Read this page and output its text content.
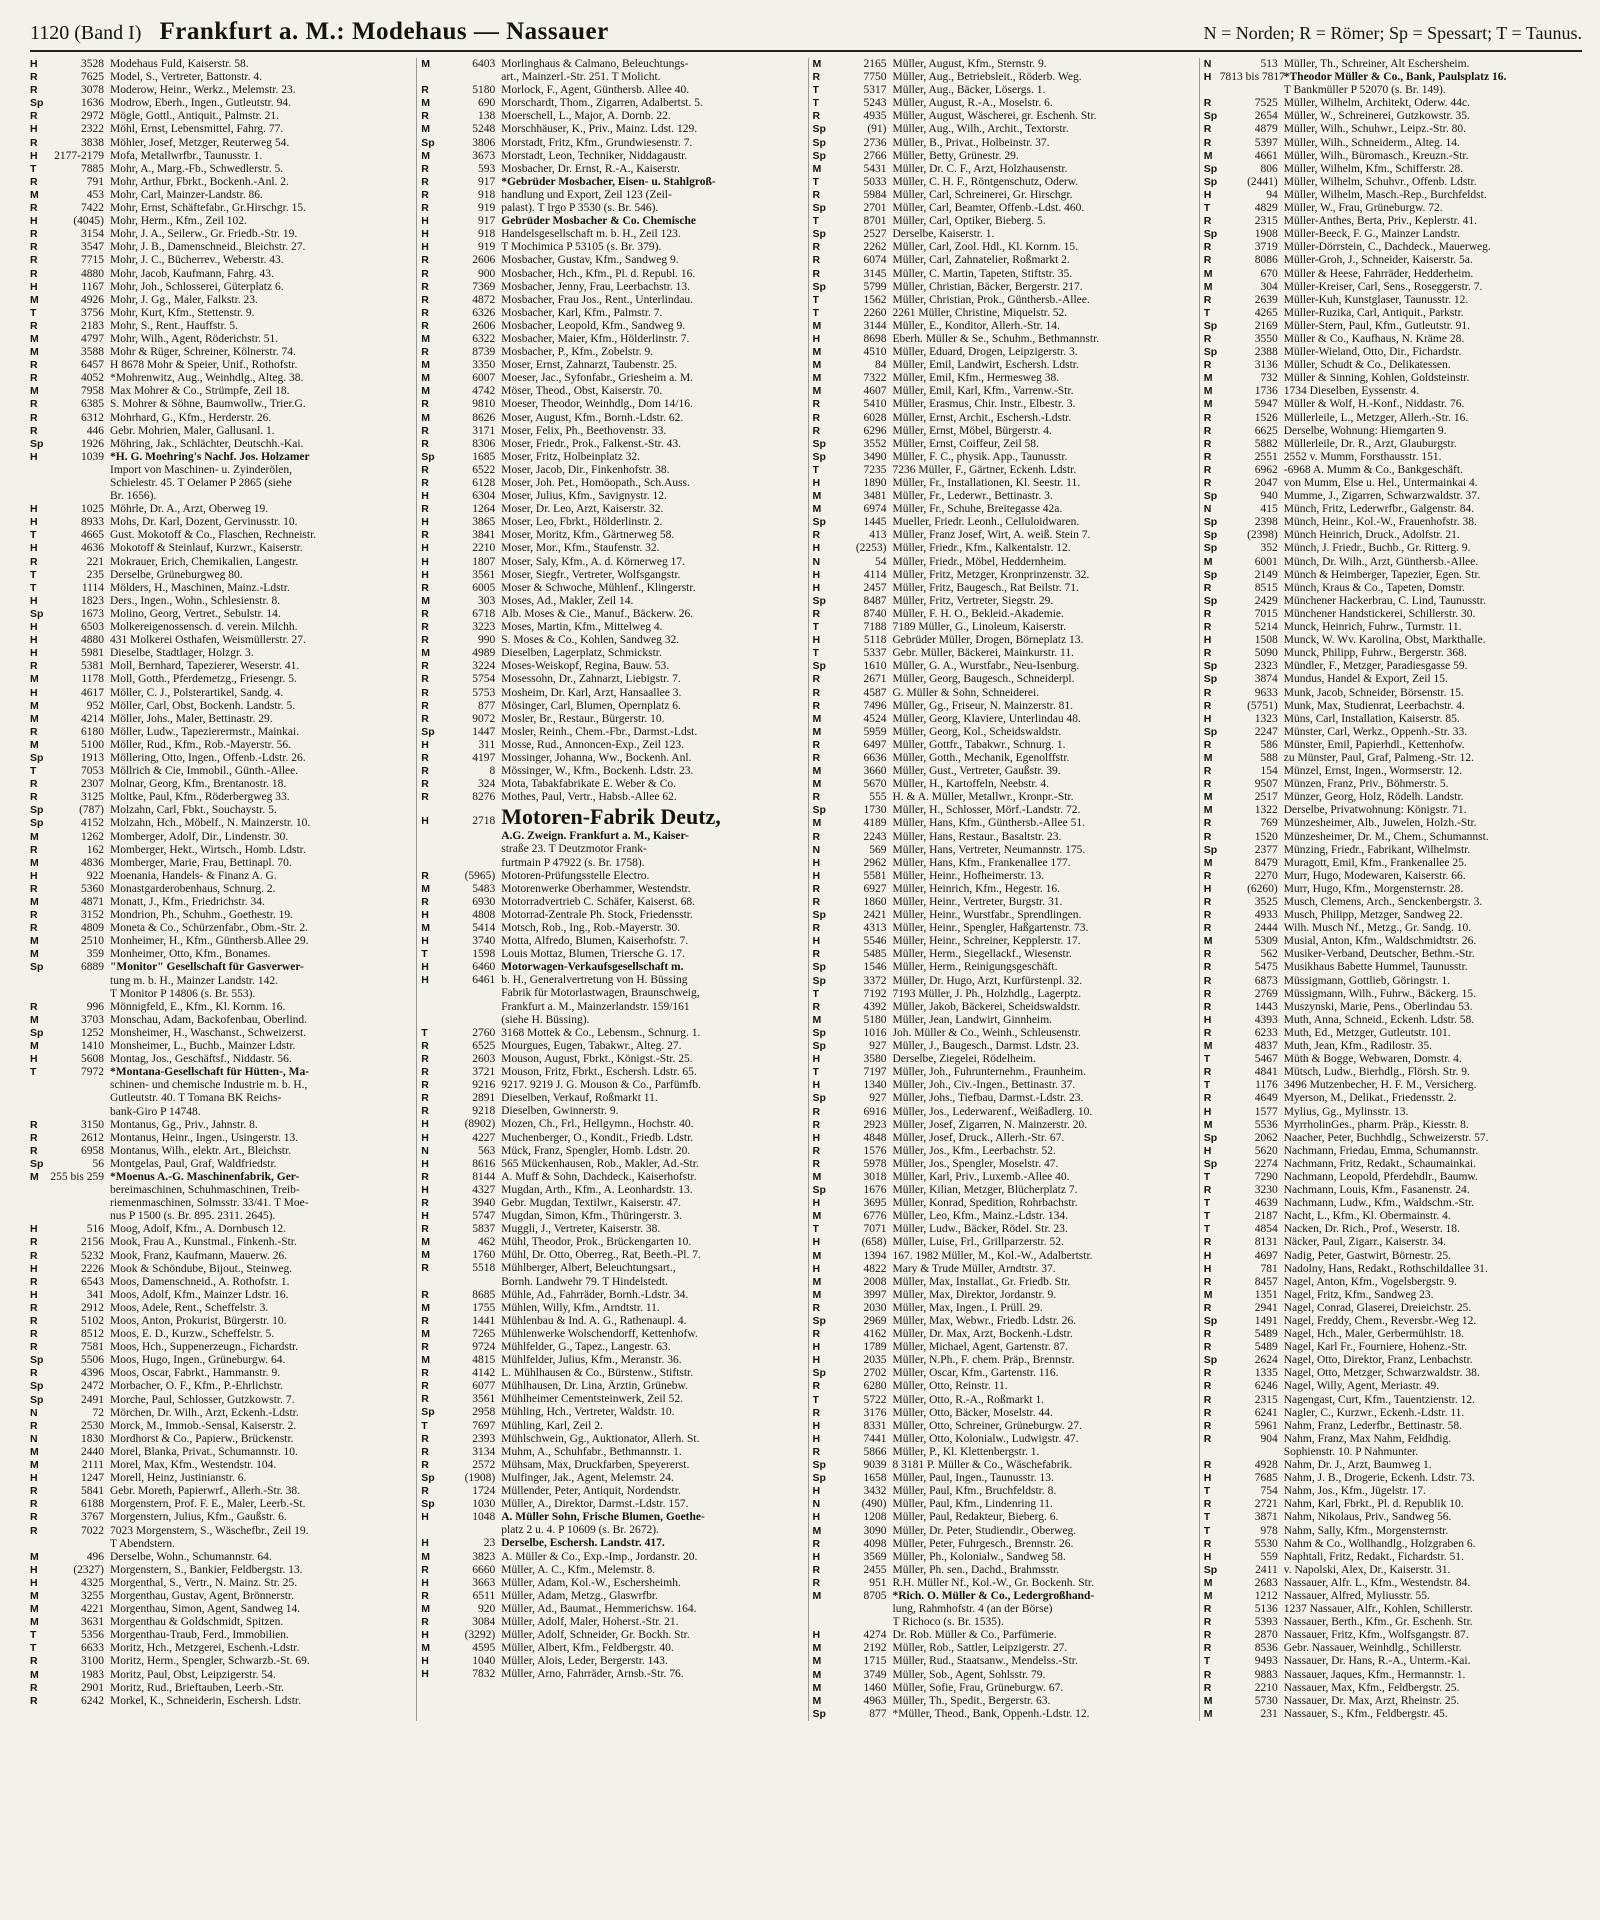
1120 (Band I) Frankfurt a. M.: Modehaus — Nassauer	N = Norden; R = Römer; Sp = Spessart; T = Taunus.
H	3528 Modehaus Fuld, Kaiserstr. 58.
R	7625 Model, S., Vertreter, Battonstr. 4.
R	3078 Moderow, Heinr., Werkz., Melemstr. 23.
Sp	1636 Modrow, Eberh., Ingen., Gutleutstr. 94.
R	2972 Mögle, Gottl., Antiquit., Palmstr. 21.
H	2322 Möhl, Ernst, Lebensmittel, Fahrg. 77.
R	3838 Möhler, Josef, Metzger, Reuterweg 54.
H	2177-2179 Mofa, Metallwrfbr., Taunusstr. 1.
T	7885 Mohr, A., Marg.-Fb., Schwedlerstr. 5.
R	791 Mohr, Arthur, Fbrkt., Bockenh.-Anl. 2.
M	453 Mohr, Carl, Mainzer-Landstr. 86.
R	7422 Mohr, Ernst, Schäftefabr., Gr.Hirschgr. 15.
H	(4045) Mohr, Herm., Kfm., Zeil 102.
R	3154 Mohr, J. A., Seilerw., Gr. Friedb.-Str. 19.
R	3547 Mohr, J. B., Damenschneid., Bleichstr. 27.
R	7715 Mohr, J. C., Bücherrev., Weberstr. 43.
R	4880 Mohr, Jacob, Kaufmann, Fahrg. 43.
H	1167 Mohr, Joh., Schlosserei, Güterplatz 6.
M	4926 Mohr, J. Gg., Maler, Falkstr. 23.
T	3756 Mohr, Kurt, Kfm., Stettenstr. 9.
R	2183 Mohr, S., Rent., Hauffstr. 5.
M	4797 Mohr, Wilh., Agent, Röderichstr. 51.
M	3588 Mohr & Rüger, Schreiner, Kölnerstr. 74.
R	6457 H 8678 Mohr & Speier, Unif., Rothofstr.
R	4052 *Mohrenwitz, Aug., Weinhdlg., Alteg. 38.
M	7958 Max Mohrer & Co., Strümpfe, Zeil 18.
R	6385 S. Mohrer & Söhne, Baumwollw., Trier.G.
R	6312 Mohrhard, G., Kfm., Herderstr. 26.
R	446 Gebr. Mohrien, Maler, Gallusanl. 1.
Sp	1926 Möhring, Jak., Schlächter, Deutschh.-Kai.
H	1039 *H. G. Moehring's Nachf. Jos. Holzamer
Import von Maschinen- u. Zyinderölen,
Schielestr. 45. T Oelamer P 2865 (siehe
Br. 1656).
H	1025 Möhrle, Dr. A., Arzt, Oberweg 19.
H	8933 Mohs, Dr. Karl, Dozent, Gervinusstr. 10.
T	4665 Gust. Mokotoff & Co., Flaschen, Rechneistr.
H	4636 Mokotoff & Steinlauf, Kurzwr., Kaiserstr.
R	221 Mokrauer, Erich, Chemikalien, Langestr.
T	235 Derselbe, Grüneburgweg 80.
T	1114 Mölders, H., Maschinen, Mainz.-Ldstr.
H	1823 Ders., Ingen., Wohn., Schlesienstr. 8.
Sp	1673 Molino, Georg, Vertret., Sebulstr. 14.
H	6503 Molkereigenossensch. d. verein. Milchh.
H	4880 431 Molkerei Osthafen, Weismüllerstr. 27.
H	5981 Dieselbe, Stadtlager, Holzgr. 3.
R	5381 Moll, Bernhard, Tapezierer, Weserstr. 41.
M	1178 Moll, Gotth., Pferdemetzg., Friesengr. 5.
H	4617 Möller, C. J., Polsterartikel, Sandg. 4.
M	952 Möller, Carl, Obst, Bockenh. Landstr. 5.
M	4214 Möller, Johs., Maler, Bettinastr. 29.
R	6180 Möller, Ludw., Tapezierermstr., Mainkai.
M	5100 Möller, Rud., Kfm., Rob.-Mayerstr. 56.
Sp	1913 Möllering, Otto, Ingen., Offenb.-Ldstr. 26.
T	7053 Möllrich & Cie, Immobil., Günth.-Allee.
R	2307 Molnar, Georg, Kfm., Brentanostr. 18.
R	3125 Moltke, Paul, Kfm., Röderbergweg 33.
Sp	(787) Molzahn, Carl, Fbkt., Souchaystr. 5.
Sp	4152 Molzahn, Hch., Möbelf., N. Mainzerstr. 10.
M	1262 Momberger, Adolf, Dir., Lindenstr. 30.
R	162 Momberger, Hekt., Wirtsch., Homb. Ldstr.
M	4836 Momberger, Marie, Frau, Bettinapl. 70.
H	922 Moenania, Handels- & Finanz A. G.
R	5360 Monastgarderobenhaus, Schnurg. 2.
M	4871 Monatt, J., Kfm., Friedrichstr. 34.
R	3152 Mondrion, Ph., Schuhm., Goethestr. 19.
R	4809 Moneta & Co., Schürzenfabr., Obm.-Str. 2.
M	2510 Monheimer, H., Kfm., Günthersb.Allee 29.
M	359 Monheimer, Otto, Kfm., Bonames.
Sp	6889 "Monitor" Gesellschaft für Gasverwer-
tung m. b. H., Mainzer Landstr. 142.
T Monitor P 14806 (s. Br. 553).
R	996 Mönnigfeld, E., Kfm., Kl. Kornm. 16.
M	3703 Monschau, Adam, Backofenbau, Oberlind.
Sp	1252 Monsheimer, H., Waschanst., Schweizerst.
M	1410 Monsheimer, L., Buchb., Mainzer Ldstr.
H	5608 Montag, Jos., Geschäftsf., Niddastr. 56.
T	7972 *Montana-Gesellschaft für Hütten-, Ma-
schinen- und chemische Industrie m. b. H.,
Gutleutstr. 40. T Tomana BK Reichs-
bank-Giro P 14748.
R	3150 Montanus, Gg., Priv., Jahnstr. 8.
R	2612 Montanus, Heinr., Ingen., Usingerstr. 13.
R	6958 Montanus, Wilh., elektr. Art., Bleichstr.
Sp	56 Montgelas, Paul, Graf, Waldfriedstr.
M	255 bis 259 *Moenus A.-G. Maschinenfabrik, Ger-
bereimaschinen, Schuhmaschinen, Treib-
riemenmaschinen, Solmsstr. 33/41. T Moe-
nus P 1500 (s. Br. 895. 2311. 2645).
H	516 Moog, Adolf, Kfm., A. Dornbusch 12.
R	2156 Mook, Frau A., Kunstmal., Finkenh.-Str.
R	5232 Mook, Franz, Kaufmann, Mauerw. 26.
H	2226 Mook & Schöndube, Bijout., Steinweg.
R	6543 Moos, Damenschneid., A. Rothofstr. 1.
H	341 Moos, Adolf, Kfm., Mainzer Ldstr. 16.
R	2912 Moos, Adele, Rent., Scheffelstr. 3.
R	5102 Moos, Anton, Prokurist, Bürgerstr. 10.
R	8512 Moos, E. D., Kurzw., Scheffelstr. 5.
R	7581 Moos, Hch., Suppenerzeugn., Fichardstr.
Sp	5506 Moos, Hugo, Ingen., Grüneburgw. 64.
R	4396 Moos, Oscar, Fabrkt., Hammanstr. 9.
Sp	2472 Morbacher, O. F., Kfm., P.-Ehrlichstr.
Sp	2491 Morche, Paul, Schlosser, Gutzkowstr. 7.
N	72 Mörchen, Dr. Wilh., Arzt, Eckenh.-Ldstr.
R	2530 Morck, M., Immob.-Sensal, Kaiserstr. 2.
N	1830 Mordhorst & Co., Papierw., Brückenstr.
M	2440 Morel, Blanka, Privat., Schumannstr. 10.
M	2111 Morel, Max, Kfm., Westendstr. 104.
H	1247 Morell, Heinz, Justinianstr. 6.
R	5841 Gebr. Moreth, Papierwrf., Allerh.-Str. 38.
R	6188 Morgenstern, Prof. F. E., Maler, Leerb.-St.
R	3767 Morgenstern, Julius, Kfm., Gaußstr. 6.
R	7022 7023 Morgenstern, S., Wäschefbr., Zeil 19.
T Abendstern.
M	496 Derselbe, Wohn., Schumannstr. 64.
H	(2327) Morgenstern, S., Bankier, Feldbergstr. 13.
H	4325 Morgenthal, S., Vertr., N. Mainz. Str. 25.
M	3255 Morgenthau, Gustav, Agent, Brönnerstr.
M	4221 Morgenthau, Simon, Agent, Sandweg 14.
M	3631 Morgenthau & Goldschmidt, Spitzen.
T	5356 Morgenthau-Traub, Ferd., Immobilien.
T	6633 Moritz, Hch., Metzgerei, Eschenh.-Ldstr.
R	3100 Moritz, Herm., Spengler, Schwarzb.-St. 69.
M	1983 Moritz, Paul, Obst, Leipzigerstr. 54.
R	2901 Moritz, Rud., Brieftauben, Leerb.-Str.
R	6242 Morkel, K., Schneiderin, Eschersh. Ldstr.
M	6403 Morlinghaus & Calmano, Beleuchtungs-
art., Mainzerl.-Str. 251. T Molicht.
R	5180 Morlock, F., Agent, Günthersb. Allee 40.
M	690 Morschardt, Thom., Zigarren, Adalbertst. 5.
R	138 Moerschell, L., Major, A. Dornb. 22.
M	5248 Morschhäuser, K., Priv., Mainz. Ldst. 129.
Sp	3806 Morstadt, Fritz, Kfm., Grundwiesenstr. 7.
M	3673 Morstadt, Leon, Techniker, Niddagaustr.
R	593 Mosbacher, Dr. Ernst, R.-A., Kaiserstr.
R	917 *Gebrüder Mosbacher, Eisen- u. Stahlgroß-
R	918 handlung und Export, Zeil 123 (Zeil-
R	919 palast). T Irgo P 3530 (s. Br. 546).
H	917 Gebrüder Mosbacher & Co. Chemische
H	918 Handelsgesellschaft m. b. H., Zeil 123.
H	919 T Mochimica P 53105 (s. Br. 379).
R	2606 Mosbacher, Gustav, Kfm., Sandweg 9.
R	900 Mosbacher, Hch., Kfm., Pl. d. Republ. 16.
R	7369 Mosbacher, Jenny, Frau, Leerbachstr. 13.
R	4872 Mosbacher, Frau Jos., Rent., Unterlindau.
R	6326 Mosbacher, Karl, Kfm., Palmstr. 7.
R	2606 Mosbacher, Leopold, Kfm., Sandweg 9.
M	6322 Mosbacher, Maier, Kfm., Hölderlinstr. 7.
R	8739 Mosbacher, P., Kfm., Zobelstr. 9.
M	3350 Moser, Ernst, Zahnarzt, Taubenstr. 25.
M	6007 Moeser, Jac., Syfonfabr., Griesheim a. M.
M	4742 Möser, Theod., Obst, Kaiserstr. 70.
R	9810 Moeser, Theodor, Weinhdlg., Dom 14/16.
M	8626 Moser, August, Kfm., Bornh.-Ldstr. 62.
R	3171 Moser, Felix, Ph., Beethovenstr. 33.
R	8306 Moser, Friedr., Prok., Falkenst.-Str. 43.
Sp	1685 Moser, Fritz, Holbeinplatz 32.
R	6522 Moser, Jacob, Dir., Finkenhofstr. 38.
R	6128 Moser, Joh. Pet., Homöopath., Sch.Auss.
H	6304 Moser, Julius, Kfm., Savignystr. 12.
R	1264 Moser, Dr. Leo, Arzt, Kaiserstr. 32.
H	3865 Moser, Leo, Fbrkt., Hölderlinstr. 2.
R	3841 Moser, Moritz, Kfm., Gärtnerweg 58.
H	2210 Moser, Mor., Kfm., Staufenstr. 32.
H	1807 Moser, Saly, Kfm., A. d. Körnerweg 17.
H	3561 Moser, Siegfr., Vertreter, Wolfsgangstr.
R	6005 Moser & Schwoche, Mühlenf., Klingerstr.
M	303 Moses, Ad., Makler, Zeil 14.
R	6718 Alb. Moses & Cie., Manuf., Bäckerw. 26.
R	3223 Moses, Martin, Kfm., Mittelweg 4.
R	990 S. Moses & Co., Kohlen, Sandweg 32.
M	4989 Dieselben, Lagerplatz, Schmickstr.
R	3224 Moses-Weiskopf, Regina, Bauw. 53.
R	5754 Mosessohn, Dr., Zahnarzt, Liebigstr. 7.
R	5753 Mosheim, Dr. Karl, Arzt, Hansaallee 3.
R	877 Mösinger, Carl, Blumen, Opernplatz 6.
R	9072 Mosler, Br., Restaur., Bürgerstr. 10.
Sp	1447 Mosler, Reinh., Chem.-Fbr., Darmst.-Ldst.
H	311 Mosse, Rud., Annoncen-Exp., Zeil 123.
R	4197 Mossinger, Johanna, Ww., Bockenh. Anl.
R	8 Mössinger, W., Kfm., Bockenh. Ldstr. 23.
R	324 Mota, Tabakfabrikate E. Weber & Co.
R	8276 Mothes, Paul, Vertr., Habsb.-Allee 62.
H	2718 Motoren-Fabrik Deutz,
A.G. Zweign. Frankfurt a. M., Kaiser-
straße 23. T Deutzmotor Frank-
furtmain P 47922 (s. Br. 1758).
R	(5965) Motoren-Prüfungsstelle Electro.
M	5483 Motorenwerke Oberhammer, Westendstr.
R	6930 Motorradvertrieb C. Schäfer, Kaiserst. 68.
H	4808 Motorrad-Zentrale Ph. Stock, Friedensstr.
M	5414 Motsch, Rob., Ing., Rob.-Mayerstr. 30.
H	3740 Motta, Alfredo, Blumen, Kaiserhofstr. 7.
T	1598 Louis Mottaz, Blumen, Triersche G. 17.
H	6460 Motorwagen-Verkaufsgesellschaft m.
H	6461 b. H., Generalvertretung von H. Büssing
Fabrik für Motorlastwagen, Braunschweig,
Frankfurt a. M., Mainzerlandstr. 159/161
(siehe H. Büssing).
T	2760 3168 Mottek & Co., Lebensm., Schnurg. 1.
R	6525 Mourgues, Eugen, Tabakwr., Alteg. 27.
R	2603 Mouson, August, Fbrkt., Königst.-Str. 25.
R	3721 Mouson, Fritz, Fbrkt., Eschersh. Ldstr. 65.
R	9216 9217. 9219 J. G. Mouson & Co., Parfümfb.
R	2891 Dieselben, Verkauf, Roßmarkt 11.
R	9218 Dieselben, Gwinnerstr. 9.
H	(8902) Mozen, Ch., Frl., Hellgymn., Hochstr. 40.
H	4227 Muchenberger, O., Kondit., Friedb. Ldstr.
N	563 Mück, Franz, Spengler, Homb. Ldstr. 20.
H	8616 565 Mückenhausen, Rob., Makler, Ad.-Str.
R	8144 A. Muff & Sohn, Dachdeck., Kaiserhofstr.
H	4327 Mugdan, Arth., Kfm., A. Leonhardstr. 13.
R	3940 Gebr. Mugdan, Textilwr., Kaiserstr. 47.
H	5747 Mugdan, Simon, Kfm., Thüringerstr. 3.
R	5837 Muggli, J., Vertreter, Kaiserstr. 38.
M	462 Mühl, Theodor, Prok., Brückengarten 10.
M	1760 Mühl, Dr. Otto, Oberreg., Rat, Beeth.-Pl. 7.
R	5518 Mühlberger, Albert, Beleuchtungsart.,
Bornh. Landwehr 79. T Hindelstedt.
R	8685 Mühle, Ad., Fahrräder, Bornh.-Ldstr. 34.
M	1755 Mühlen, Willy, Kfm., Arndtstr. 11.
R	1441 Mühlenbau & Ind. A. G., Rathenaupl. 4.
M	7265 Mühlenwerke Wolschendorff, Kettenhofw.
R	9724 Mühlfelder, G., Tapez., Langestr. 63.
M	4815 Mühlfelder, Julius, Kfm., Meranstr. 36.
R	4142 L. Mühlhausen & Co., Bürstenw., Stiftstr.
R	6077 Mühlhausen, Dr. Lina, Ärztin, Grünebw.
R	3561 Mühlheimer Cementsteinwerk, Zeil 52.
Sp	2958 Mühling, Hch., Vertreter, Waldstr. 10.
T	7697 Mühling, Karl, Zeil 2.
R	2393 Mühlschwein, Gg., Auktionator, Allerh. St.
R	3134 Muhm, A., Schuhfabr., Bethmannstr. 1.
R	2572 Mühsam, Max, Druckfarben, Speyererst.
Sp	(1908) Mulfinger, Jak., Agent, Melemstr. 24.
R	1724 Müllender, Peter, Antiquit, Nordendstr.
Sp	1030 Müller, A., Direktor, Darmst.-Ldstr. 157.
H	1048 A. Müller Sohn, Frische Blumen, Goethe-
platz 2 u. 4. P 10609 (s. Br. 2672).
H	23 Derselbe, Eschersh. Landstr. 417.
M	3823 A. Müller & Co., Exp.-Imp., Jordanstr. 20.
R	6660 Müller, A. C., Kfm., Melemstr. 8.
H	3663 Müller, Adam, Kol.-W., Eschersheimh.
R	6511 Müller, Adam, Metzg., Glaswrfbr.
M	920 Müller, Ad., Baumat., Hemmerichsw. 164.
R	3084 Müller, Adolf, Maler, Hoherst.-Str. 21.
H	(3292) Müller, Adolf, Schneider, Gr. Bockh. Str.
M	4595 Müller, Albert, Kfm., Feldbergstr. 40.
H	1040 Müller, Alois, Leder, Bergerstr. 143.
H	7832 Müller, Arno, Fahrräder, Arnsb.-Str. 76.
M	2165 Müller, August, Kfm., Sternstr. 9.
R	7750 Müller, Aug., Betriebsleit., Röderb. Weg.
T	5317 Müller, Aug., Bäcker, Lösergs. 1.
T	5243 Müller, August, R.-A., Moselstr. 6.
R	4935 Müller, August, Wäscherei, gr. Eschenh. Str.
Sp	(91) Müller, Aug., Wilh., Archit., Textorstr.
Sp	2736 Müller, B., Privat., Holbeinstr. 37.
Sp	2766 Müller, Betty, Grünestr. 29.
M	5431 Müller, Dr. C. F., Arzt, Holzhausenstr.
T	5033 Müller, C. H. F., Röntgenschutz, Oderw.
R	5984 Müller, Carl, Schreinerei, Gr. Hirschgr.
Sp	2701 Müller, Carl, Beamter, Offenb.-Ldst. 460.
T	8701 Müller, Carl, Optiker, Bieberg. 5.
Sp	2527 Derselbe, Kaiserstr. 1.
R	2262 Müller, Carl, Zool. Hdl., Kl. Kornm. 15.
R	6074 Müller, Carl, Zahnatelier, Roßmarkt 2.
R	3145 Müller, C. Martin, Tapeten, Stiftstr. 35.
Sp	5799 Müller, Christian, Bäcker, Bergerstr. 217.
T	1562 Müller, Christian, Prok., Günthersb.-Allee.
T	2260 2261 Müller, Christine, Miquelstr. 52.
M	3144 Müller, E., Konditor, Allerh.-Str. 14.
H	8698 Eberh. Müller & Se., Schuhm., Bethmannstr.
M	4510 Müller, Eduard, Drogen, Leipzigerstr. 3.
M	84 Müller, Emil, Landwirt, Eschersh. Ldstr.
M	7322 Müller, Emil, Kfm., Hermesweg 38.
M	4607 Müller, Emil, Karl, Kfm., Varrenw.-Str.
R	5410 Müller, Erasmus, Chir. Instr., Elbestr. 3.
R	6028 Müller, Ernst, Archit., Eschersh.-Ldstr.
R	6296 Müller, Ernst, Möbel, Bürgerstr. 4.
Sp	3552 Müller, Ernst, Coiffeur, Zeil 58.
Sp	3490 Müller, F. C., physik. App., Taunusstr.
T	7235 7236 Müller, F., Gärtner, Eckenh. Ldstr.
H	1890 Müller, Fr., Installationen, Kl. Seestr. 11.
M	3481 Müller, Fr., Lederwr., Bettinastr. 3.
M	6974 Müller, Fr., Schuhe, Breitegasse 42a.
Sp	1445 Mueller, Friedr. Leonh., Celluloidwaren.
R	413 Müller, Franz Josef, Wirt, A. weiß. Stein 7.
H	(2253) Müller, Friedr., Kfm., Kalkentalstr. 12.
N	54 Müller, Friedr., Möbel, Heddernheim.
H	4114 Müller, Fritz, Metzger, Kronprinzenstr. 32.
H	2457 Müller, Fritz, Baugesch., Rat Beilstr. 71.
Sp	8487 Müller, Fritz, Vertreter, Siegstr. 29.
R	8740 Müller, F. H. O., Bekleid.-Akademie.
T	7188 7189 Müller, G., Linoleum, Kaiserstr.
H	5118 Gebrüder Müller, Drogen, Börneplatz 13.
T	5337 Gebr. Müller, Bäckerei, Mainkurstr. 11.
Sp	1610 Müller, G. A., Wurstfabr., Neu-Isenburg.
R	2671 Müller, Georg, Baugesch., Schneiderpl.
R	4587 G. Müller & Sohn, Schneiderei.
R	7496 Müller, Gg., Friseur, N. Mainzerstr. 81.
M	4524 Müller, Georg, Klaviere, Unterlindau 48.
M	5959 Müller, Georg, Kol., Scheidswaldstr.
R	6497 Müller, Gottfr., Tabakwr., Schnurg. 1.
R	6636 Müller, Gotth., Mechanik, Egenolffstr.
M	3660 Müller, Gust., Vertreter, Gaußstr. 39.
M	5670 Müller, H., Kartoffeln, Neebstr. 4.
R	555 H. & A. Müller, Metallwr., Kronpr.-Str.
Sp	1730 Müller, H., Schlosser, Mörf.-Landstr. 72.
M	4189 Müller, Hans, Kfm., Günthersb.-Allee 51.
R	2243 Müller, Hans, Restaur., Basaltstr. 23.
N	569 Müller, Hans, Vertreter, Neumannstr. 175.
H	2962 Müller, Hans, Kfm., Frankenallee 177.
H	5581 Müller, Heinr., Hofheimerstr. 13.
R	6927 Müller, Heinrich, Kfm., Hegestr. 16.
R	1860 Müller, Heinr., Vertreter, Burgstr. 31.
Sp	2421 Müller, Heinr., Wurstfabr., Sprendlingen.
R	4313 Müller, Heinr., Spengler, Haßgartenstr. 73.
H	5546 Müller, Heinr., Schreiner, Kepplerstr. 17.
R	5485 Müller, Herm., Siegellackf., Wiesenstr.
Sp	1546 Müller, Herm., Reinigungsgeschäft.
Sp	3372 Müller, Dr. Hugo, Arzt, Kurfürstenpl. 32.
T	7192 7193 Müller, J. Ph., Holzhdlg., Lagerptz.
R	4392 Müller, Jakob, Bäckerei, Scheidswaldstr.
M	5180 Müller, Jean, Landwirt, Ginnheim.
Sp	1016 Joh. Müller & Co., Weinh., Schleusenstr.
Sp	927 Müller, J., Baugesch., Darmst. Ldstr. 23.
H	3580 Derselbe, Ziegelei, Rödelheim.
T	7197 Müller, Joh., Fuhrunternehm., Fraunheim.
H	1340 Müller, Joh., Civ.-Ingen., Bettinastr. 37.
Sp	927 Müller, Johs., Tiefbau, Darmst.-Ldstr. 23.
R	6916 Müller, Jos., Lederwarenf., Weißadlerg. 10.
R	2923 Müller, Josef, Zigarren, N. Mainzerstr. 20.
H	4848 Müller, Josef, Druck., Allerh.-Str. 67.
R	1576 Müller, Jos., Kfm., Leerbachstr. 52.
R	5978 Müller, Jos., Spengler, Moselstr. 47.
M	3018 Müller, Karl, Priv., Luxemb.-Allee 40.
Sp	1676 Müller, Kilian, Metzger, Blücherplatz 7.
H	3695 Müller, Konrad, Spedition, Rohrbachstr.
M	6776 Müller, Leo, Kfm., Mainz.-Ldstr. 134.
T	7071 Müller, Ludw., Bäcker, Rödel. Str. 23.
H	(658) Müller, Luise, Frl., Grillparzerstr. 52.
M	1394 167. 1982 Müller, M., Kol.-W., Adalbertstr.
H	4822 Mary & Trude Müller, Arndtstr. 37.
M	2008 Müller, Max, Installat., Gr. Friedb. Str.
M	3997 Müller, Max, Direktor, Jordanstr. 9.
R	2030 Müller, Max, Ingen., I. Prüll. 29.
Sp	2969 Müller, Max, Webwr., Friedb. Ldstr. 26.
R	4162 Müller, Dr. Max, Arzt, Bockenh.-Ldstr.
H	1789 Müller, Michael, Agent, Gartenstr. 87.
H	2035 Müller, N.Ph., F. chem. Präp., Brennstr.
Sp	2702 Müller, Oscar, Kfm., Gartenstr. 116.
R	6280 Müller, Otto, Reinstr. 11.
T	5722 Müller, Otto, R.-A., Roßmarkt 1.
R	3176 Müller, Otto, Bäcker, Moselstr. 44.
H	8331 Müller, Otto, Schreiner, Grüneburgw. 27.
H	7441 Müller, Otto, Kolonialw., Ludwigstr. 47.
R	5866 Müller, P., Kl. Klettenbergstr. 1.
Sp	9039 8 3181 P. Müller & Co., Wäschefabrik.
Sp	1658 Müller, Paul, Ingen., Taunusstr. 13.
H	3432 Müller, Paul, Kfm., Bruchfeldstr. 8.
N	(490) Müller, Paul, Kfm., Lindenring 11.
H	1208 Müller, Paul, Redakteur, Bieberg. 6.
M	3090 Müller, Dr. Peter, Studiendir., Oberweg.
R	4098 Müller, Peter, Fuhrgesch., Brennstr. 26.
H	3569 Müller, Ph., Kolonialw., Sandweg 58.
R	2455 Müller, Ph. sen., Dachd., Brahmsstr.
R	951 R.H. Müller Nf., Kol.-W., Gr. Bockenh. Str.
M	8705 *Rich. O. Müller & Co., Ledergroßhand-
lung, Rahmhofstr. 4 (an der Börse)
T Richoco (s. Br. 1535).
H	4274 Dr. Rob. Müller & Co., Parfümerie.
M	2192 Müller, Rob., Sattler, Leipzigerstr. 27.
M	1715 Müller, Rud., Staatsanw., Mendelss.-Str.
M	3749 Müller, Sob., Agent, Sohlsstr. 79.
M	1460 Müller, Sofie, Frau, Grüneburgw. 67.
M	4963 Müller, Th., Spedit., Bergerstr. 63.
Sp	877 *Müller, Theod., Bank, Oppenh.-Ldstr. 12.
N	513 Müller, Th., Schreiner, Alt Eschersheim.
H 7813 bis 7817
*Theodor Müller & Co., Bank, Paulsplatz 16.
T Bankmüller P 52070 (s. Br. 149).
R	7525 Müller, Wilhelm, Architekt, Oderw. 44c.
Sp	2654 Müller, W., Schreinerei, Gutzkowstr. 35.
R	4879 Müller, Wilh., Schuhwr., Leipz.-Str. 80.
R	5397 Müller, Wilh., Schneiderm., Alteg. 14.
M	4661 Müller, Wilh., Büromasch., Kreuzn.-Str.
Sp	806 Müller, Wilhelm, Kfm., Schifferstr. 28.
Sp	(2441) Müller, Wilhelm, Schuhvr., Offenb. Ldstr.
H	94 Müller, Wilhelm, Masch.-Rep., Burchfeldst.
T	4829 Müller, W., Frau, Grüneburgw. 72.
R	2315 Müller-Anthes, Berta, Priv., Keplerstr. 41.
Sp	1908 Müller-Beeck, F. G., Mainzer Landstr.
R	3719 Müller-Dörrstein, C., Dachdeck., Mauerweg.
R	8086 Müller-Groh, J., Schneider, Kaiserstr. 5a.
M	670 Müller & Heese, Fahrräder, Hedderheim.
M	304 Müller-Kreiser, Carl, Sens., Roseggerstr. 7.
R	2639 Müller-Kuh, Kunstglaser, Taunusstr. 12.
T	4265 Müller-Ruzika, Carl, Antiquit., Parkstr.
Sp	2169 Müller-Stern, Paul, Kfm., Gutleutstr. 91.
R	3550 Müller & Co., Kaufhaus, N. Kräme 28.
Sp	2388 Müller-Wieland, Otto, Dir., Fichardstr.
R	3136 Müller, Schudt & Co., Delikatessen.
M	732 Müller & Sinning, Kohlen, Goldsteinstr.
M	1736 1734 Dieselben, Eyssenstr. 4.
M	5947 Müller & Wolf, H.-Konf., Niddastr. 76.
R	1526 Müllerleile, L., Metzger, Allerh.-Str. 16.
R	6625 Derselbe, Wohnung: Hiemgarten 9.
R	5882 Müllerleile, Dr. R., Arzt, Glauburgstr.
R	2551 2552 v. Mumm, Forsthausstr. 151.
R	6962 -6968 A. Mumm & Co., Bankgeschäft.
R	2047 von Mumm, Else u. Hel., Untermainkai 4.
Sp	940 Mumme, J., Zigarren, Schwarzwaldstr. 37.
N	415 Münch, Fritz, Lederwrfbr., Galgenstr. 84.
Sp	2398 Münch, Heinr., Kol.-W., Frauenhofstr. 38.
Sp	(2398) Münch Heinrich, Druck., Adolfstr. 21.
Sp	352 Münch, J. Friedr., Buchb., Gr. Ritterg. 9.
M	6001 Münch, Dr. Wilh., Arzt, Günthersb.-Allee.
Sp	2149 Münch & Heimberger, Tapezier, Egen. Str.
R	8515 Münch, Kraus & Co., Tapeten, Domstr.
Sp	2429 Münchener Hackerbrau, C. Lind, Taunusstr.
R	7015 Münchener Handstickerei, Schillerstr. 30.
R	5214 Munck, Heinrich, Fuhrw., Turmstr. 11.
H	1508 Munck, W. Wv. Karolina, Obst, Markthalle.
R	5090 Munck, Philipp, Fuhrw., Bergerstr. 368.
Sp	2323 Mündler, F., Metzger, Paradiesgasse 59.
Sp	3874 Mundus, Handel & Export, Zeil 15.
R	9633 Munk, Jacob, Schneider, Börsenstr. 15.
R	(5751) Munk, Max, Studienrat, Leerbachstr. 4.
H	1323 Müns, Carl, Installation, Kaiserstr. 85.
Sp	2247 Münster, Carl, Werkz., Oppenh.-Str. 33.
R	586 Münster, Emil, Papierhdl., Kettenhofw.
M	588 zu Münster, Paul, Graf, Palmeng.-Str. 12.
R	154 Münzel, Ernst, Ingen., Wormserstr. 12.
R	9507 Münzen, Franz, Priv., Böhmerstr. 5.
M	2517 Münzer, Georg, Holz, Rödelh. Landstr.
M	1322 Derselbe, Privatwohnung: Königstr. 71.
R	769 Münzesheimer, Alb., Juwelen, Holzh.-Str.
R	1520 Münzesheimer, Dr. M., Chem., Schumannst.
Sp	2377 Münzing, Friedr., Fabrikant, Wilhelmstr.
M	8479 Muragott, Emil, Kfm., Frankenallee 25.
R	2270 Murr, Hugo, Modewaren, Kaiserstr. 66.
H	(6260) Murr, Hugo, Kfm., Morgensternstr. 28.
R	3525 Musch, Clemens, Arch., Senckenbergstr. 3.
R	4933 Musch, Philipp, Metzger, Sandweg 22.
R	2444 Wilh. Musch Nf., Metzg., Gr. Sandg. 10.
M	5309 Musial, Anton, Kfm., Waldschmidtstr. 26.
R	562 Musiker-Verband, Deutscher, Bethm.-Str.
R	5475 Musikhaus Babette Hummel, Taunusstr.
R	6873 Müssigmann, Gottlieb, Göringstr. 1.
R	2769 Müssigmann, Wilh., Fuhrw., Bäckerg. 15.
R	1443 Muszynski, Marie, Pens., Oberlindau 53.
H	4393 Muth, Anna, Schneid., Eckenh. Ldstr. 58.
R	6233 Muth, Ed., Metzger, Gutleutstr. 101.
M	4837 Muth, Jean, Kfm., Radilostr. 35.
T	5467 Müth & Bogge, Webwaren, Domstr. 4.
R	4841 Mütsch, Ludw., Bierhdlg., Flörsh. Str. 9.
T	1176 3496 Mutzenbecher, H. F. M., Versicherg.
R	4649 Myerson, M., Delikat., Friedensstr. 2.
H	1577 Mylius, Gg., Mylinsstr. 13.
M	5536 MyrrholinGes., pharm. Präp., Kiesstr. 8.
Sp	2062 Naacher, Peter, Buchhdlg., Schweizerstr. 57.
H	5620 Nachmann, Friedau, Emma, Schumannstr.
Sp	2274 Nachmann, Fritz, Redakt., Schaumainkai.
T	7290 Nachmann, Leopold, Pferdehdlr., Baumw.
R	3230 Nachmann, Louis, Kfm., Fasanenstr. 24.
T	4639 Nachmann, Ludw., Kfm., Waldschm.-Str.
T	2187 Nacht, L., Kfm., Kl. Obermainstr. 4.
T	4854 Nacken, Dr. Rich., Prof., Weserstr. 18.
R	8131 Näcker, Paul, Zigarr., Kaiserstr. 34.
H	4697 Nadig, Peter, Gastwirt, Börnestr. 25.
H	781 Nadolny, Hans, Redakt., Rothschildallee 31.
R	8457 Nagel, Anton, Kfm., Vogelsbergstr. 9.
M	1351 Nagel, Fritz, Kfm., Sandweg 23.
R	2941 Nagel, Conrad, Glaserei, Dreieichstr. 25.
Sp	1491 Nagel, Freddy, Chem., Reversbr.-Weg 12.
R	5489 Nagel, Hch., Maler, Gerbermühlstr. 18.
R	5489 Nagel, Karl Fr., Fourniere, Hohenz.-Str.
Sp	2624 Nagel, Otto, Direktor, Franz, Lenbachstr.
R	1335 Nagel, Otto, Metzger, Schwarzwaldstr. 38.
R	6246 Nagel, Willy, Agent, Meriastr. 49.
R	2315 Nagengast, Curt, Kfm., Tauentzienstr. 12.
R	6241 Nagler, C., Kurzwr., Eckenh.-Ldstr. 11.
R	5961 Nahm, Franz, Lederfbr., Bettinastr. 58.
R	904 Nahm, Franz, Max Nahm, Feldhdig.
Sophienstr. 10. P Nahmunter.
R	4928 Nahm, Dr. J., Arzt, Baumweg 1.
H	7685 Nahm, J. B., Drogerie, Eckenh. Ldstr. 73.
T	754 Nahm, Jos., Kfm., Jügelstr. 17.
R	2721 Nahm, Karl, Fbrkt., Pl. d. Republik 10.
T	3871 Nahm, Nikolaus, Priv., Sandweg 56.
T	978 Nahm, Sally, Kfm., Morgensternstr.
R	5530 Nahm & Co., Wollhandlg., Holzgraben 6.
H	559 Naphtali, Fritz, Redakt., Fichardstr. 51.
Sp	2411 v. Napolski, Alex, Dr., Kaiserstr. 31.
M	2683 Nassauer, Alfr. L., Kfm., Westendstr. 84.
M	1212 Nassauer, Alfred, Myliusstr. 55.
R	5136 1237 Nassauer, Alfr., Kohlen, Schillerstr.
R	5393 Nassauer, Berth., Kfm., Gr. Eschenh. Str.
R	2870 Nassauer, Fritz, Kfm., Wolfsgangstr. 87.
R	8536 Gebr. Nassauer, Weinhdlg., Schillerstr.
T	9493 Nassauer, Dr. Hans, R.-A., Unterm.-Kai.
R	9883 Nassauer, Jaques, Kfm., Hermannstr. 1.
R	2210 Nassauer, Max, Kfm., Feldbergstr. 25.
M	5730 Nassauer, Dr. Max, Arzt, Rheinstr. 25.
M	231 Nassauer, S., Kfm., Feldbergstr. 45.
